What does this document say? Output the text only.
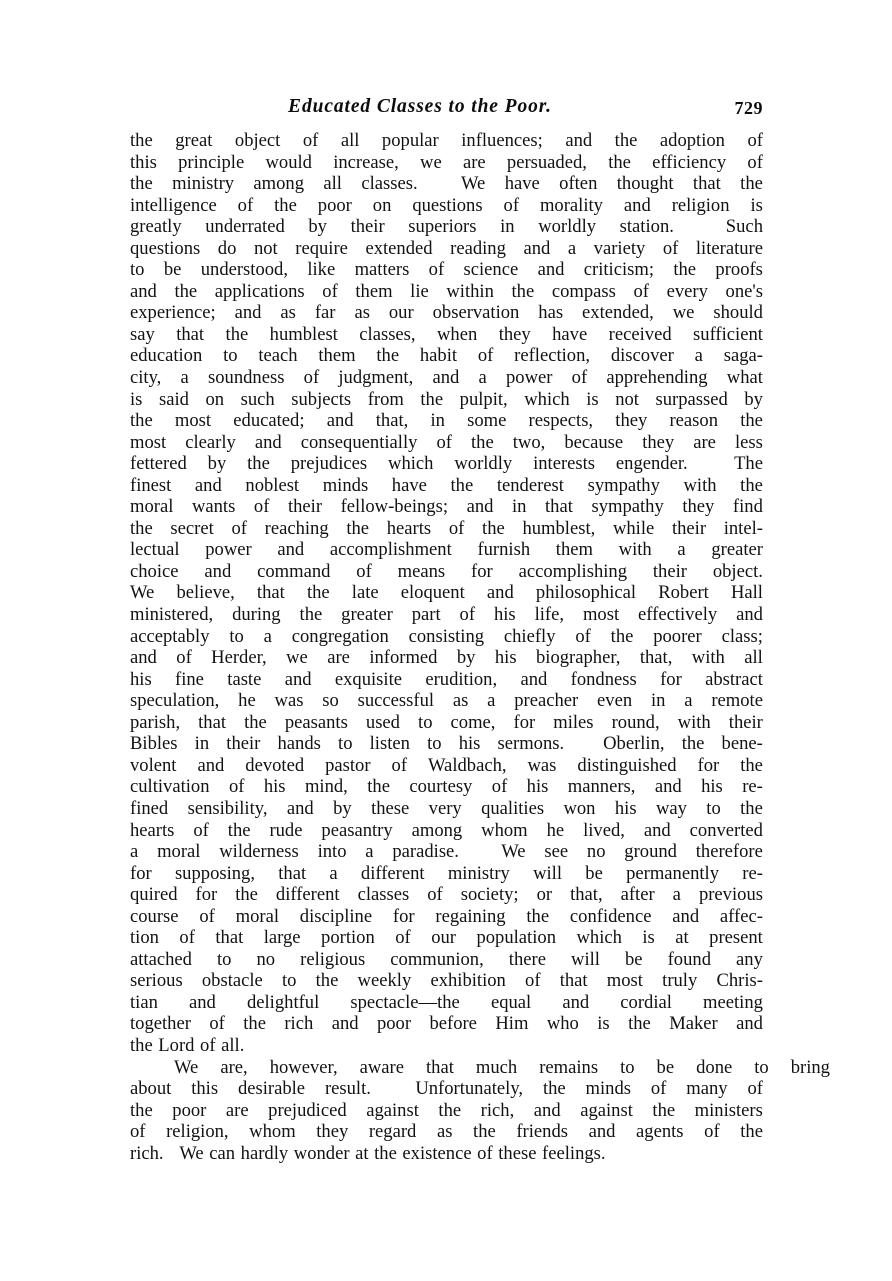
Educated Classes to the Poor.	729
the great object of all popular influences; and the adoption of
this principle would increase, we are persuaded, the efficiency of
the ministry among all classes.
We have often thought that the
intelligence of the poor on questions of morality and religion is
greatly underrated by their superiors in worldly station.
	Such
questions do not require extended reading and a variety of literature
to be understood, like matters of science and criticism; the proofs
and the applications of them lie within the compass of every one's
experience; and as far as our observation has extended, we should
say that the humblest classes, when they have received sufficient
education to teach them the habit of reflection, discover a saga-
city, a soundness of judgment, and a power of apprehending what
is said on such subjects from the pulpit, which is not surpassed by
the most educated; and that, in some respects, they reason the
most clearly and consequentially of the two, because they are less
fettered by the prejudices which worldly interests engender.
The
finest and noblest minds have the tenderest sympathy with the
moral wants of their fellow-beings; and in that sympathy they find
the secret of reaching the hearts of the humblest, while their intel-
lectual power and accomplishment furnish them with a greater
choice and command of means for accomplishing their object.
We believe, that the late eloquent and philosophical Robert Hall
ministered, during the greater part of his life, most effectively and
acceptably to a congregation consisting chiefly of the poorer class;
and of Herder, we are informed by his biographer, that, with all
his fine taste and exquisite erudition, and fondness for abstract
speculation, he was so successful as a preacher even in a remote
parish, that the peasants used to come, for miles round, with their
Bibles in their hands to listen to his sermons.
Oberlin, the bene-
volent and devoted pastor of Waldbach, was distinguished for the
cultivation of his mind, the courtesy of his manners, and his re-
fined sensibility, and by these very qualities won his way to the
hearts of the rude peasantry among whom he lived, and converted
a moral wilderness into a paradise.
We see no ground therefore
for supposing, that a different ministry will be permanently re-
quired for the different classes of society; or that, after a previous
course of moral discipline for regaining the confidence and affec-
tion of that large portion of our population which is at present
attached to no religious communion, there will be found any
serious obstacle to the weekly exhibition of that most truly Chris-
tian and delightful spectacle—the equal and cordial meeting
together of the rich and poor before Him who is the Maker and
the Lord of all.
We	are,	however,	aware	that	much	remains	to	be	done	to	bring
about this desirable result.
Unfortunately, the minds of many of
the poor are prejudiced against the rich, and against the ministers
of religion, whom they regard as the friends and agents of the
rich.
We can hardly wonder at the existence of these feelings.
